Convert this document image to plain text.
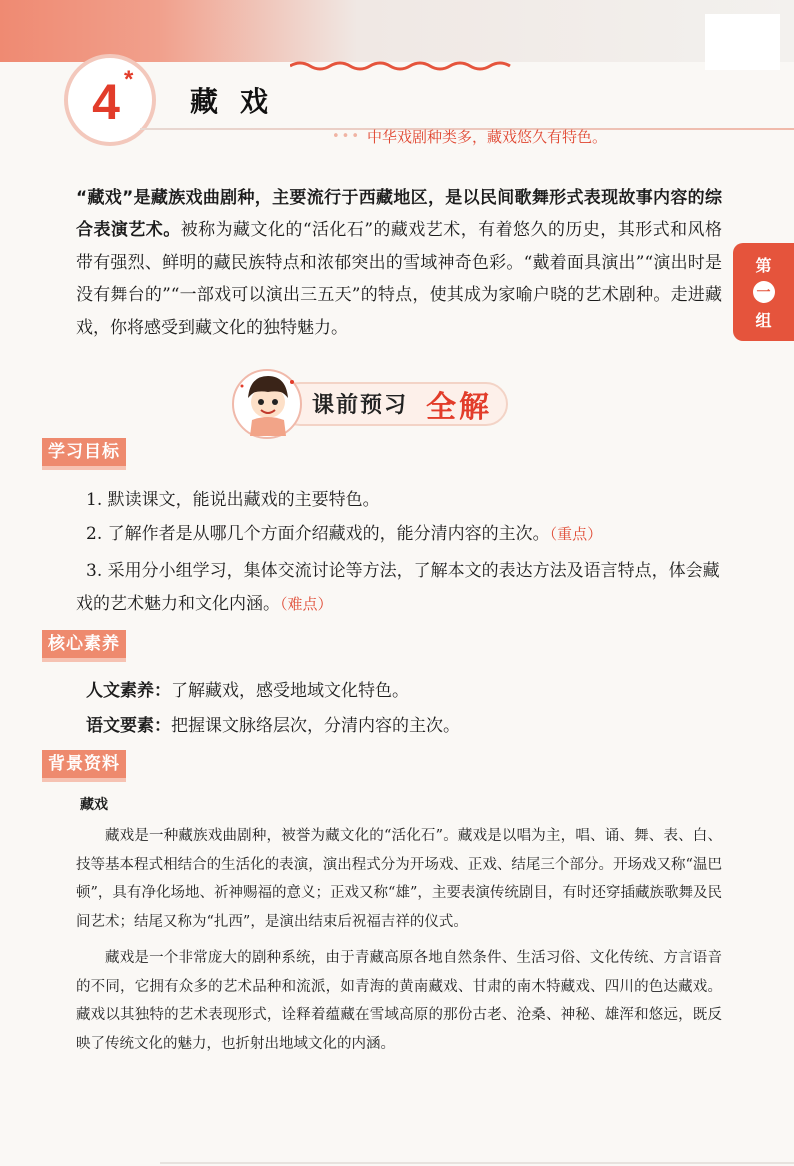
4 *
藏戏
••• 中华戏剧种类多，藏戏悠久有特色。
第
一
组

“藏戏”是藏族戏曲剧种，主要流行于西藏地区，是以民间歌舞形式表现故事内容的综合表演艺术。被称为藏文化的“活化石”的藏戏艺术，有着悠久的历史，其形式和风格带有强烈、鲜明的藏民族特点和浓郁突出的雪域神奇色彩。“戴着面具演出”“演出时是没有舞台的”“一部戏可以演出三五天”的特点，使其成为家喻户晓的艺术剧种。走进藏戏，你将感受到藏文化的独特魅力。

课前预习 全解
学习目标
1. 默读课文，能说出藏戏的主要特色。
2. 了解作者是从哪几个方面介绍藏戏的，能分清内容的主次。（重点）
3. 采用分小组学习，集体交流讨论等方法，了解本文的表达方法及语言特点，体会藏戏的艺术魅力和文化内涵。（难点）
核心素养
人文素养：了解藏戏，感受地域文化特色。
语文要素：把握课文脉络层次，分清内容的主次。
背景资料
藏戏

藏戏是一种藏族戏曲剧种，被誉为藏文化的“活化石”。藏戏是以唱为主，唱、诵、舞、表、白、技等基本程式相结合的生活化的表演，演出程式分为开场戏、正戏、结尾三个部分。开场戏又称“温巴顿”，具有净化场地、祈神赐福的意义；正戏又称“雄”，主要表演传统剧目，有时还穿插藏族歌舞及民间艺术；结尾又称为“扎西”，是演出结束后祝福吉祥的仪式。

藏戏是一个非常庞大的剧种系统，由于青藏高原各地自然条件、生活习俗、文化传统、方言语音的不同，它拥有众多的艺术品种和流派，如青海的黄南藏戏、甘肃的南木特藏戏、四川的色达藏戏。藏戏以其独特的艺术表现形式，诠释着蕴藏在雪域高原的那份古老、沧桑、神秘、雄浑和悠远，既反映了传统文化的魅力，也折射出地域文化的内涵。
